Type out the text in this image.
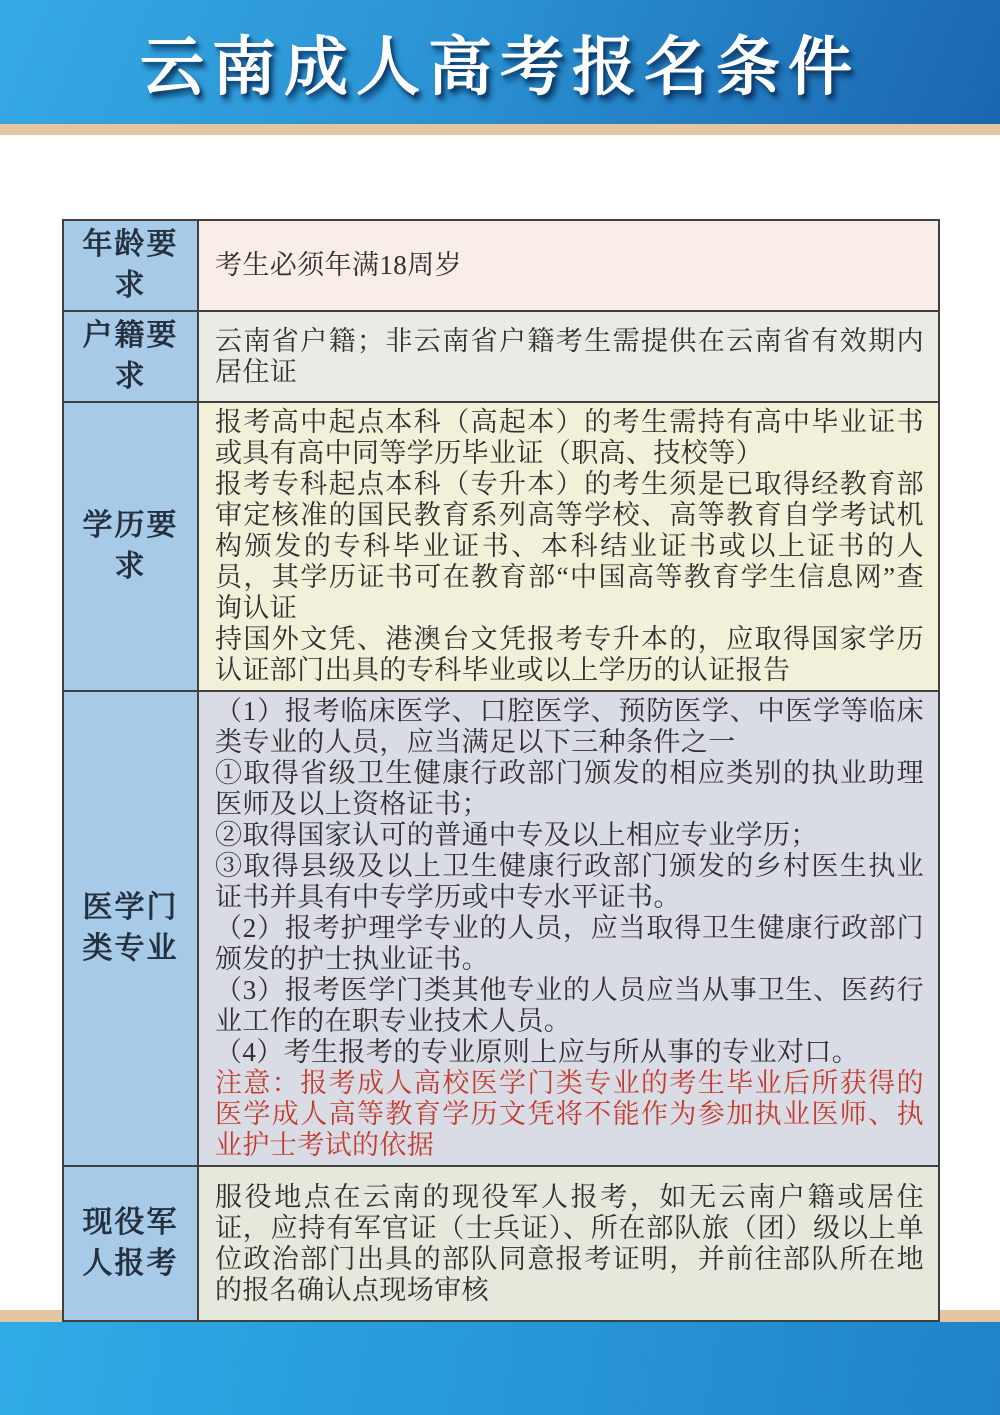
云南成人高考报名条件
年龄要求

考生必须年满18周岁

户籍要求

云南省户籍；非云南省户籍考生需提供在云南省有效期内居住证

学历要求

报考高中起点本科（高起本）的考生需持有高中毕业证书或具有高中同等学历毕业证（职高、技校等）

报考专科起点本科（专升本）的考生须是已取得经教育部审定核准的国民教育系列高等学校、高等教育自学考试机构颁发的专科毕业证书、本科结业证书或以上证书的人员，其学历证书可在教育部“中国高等教育学生信息网”查询认证

持国外文凭、港澳台文凭报考专升本的，应取得国家学历认证部门出具的专科毕业或以上学历的认证报告

医学门类专业

（1）报考临床医学、口腔医学、预防医学、中医学等临床类专业的人员，应当满足以下三种条件之一

①取得省级卫生健康行政部门颁发的相应类别的执业助理医师及以上资格证书；

②取得国家认可的普通中专及以上相应专业学历；

③取得县级及以上卫生健康行政部门颁发的乡村医生执业证书并具有中专学历或中专水平证书。

（2）报考护理学专业的人员，应当取得卫生健康行政部门颁发的护士执业证书。

（3）报考医学门类其他专业的人员应当从事卫生、医药行业工作的在职专业技术人员。

（4）考生报考的专业原则上应与所从事的专业对口。

注意：报考成人高校医学门类专业的考生毕业后所获得的医学成人高等教育学历文凭将不能作为参加执业医师、执业护士考试的依据

现役军人报考

服役地点在云南的现役军人报考，如无云南户籍或居住证，应持有军官证（士兵证）、所在部队旅（团）级以上单位政治部门出具的部队同意报考证明，并前往部队所在地的报名确认点现场审核
